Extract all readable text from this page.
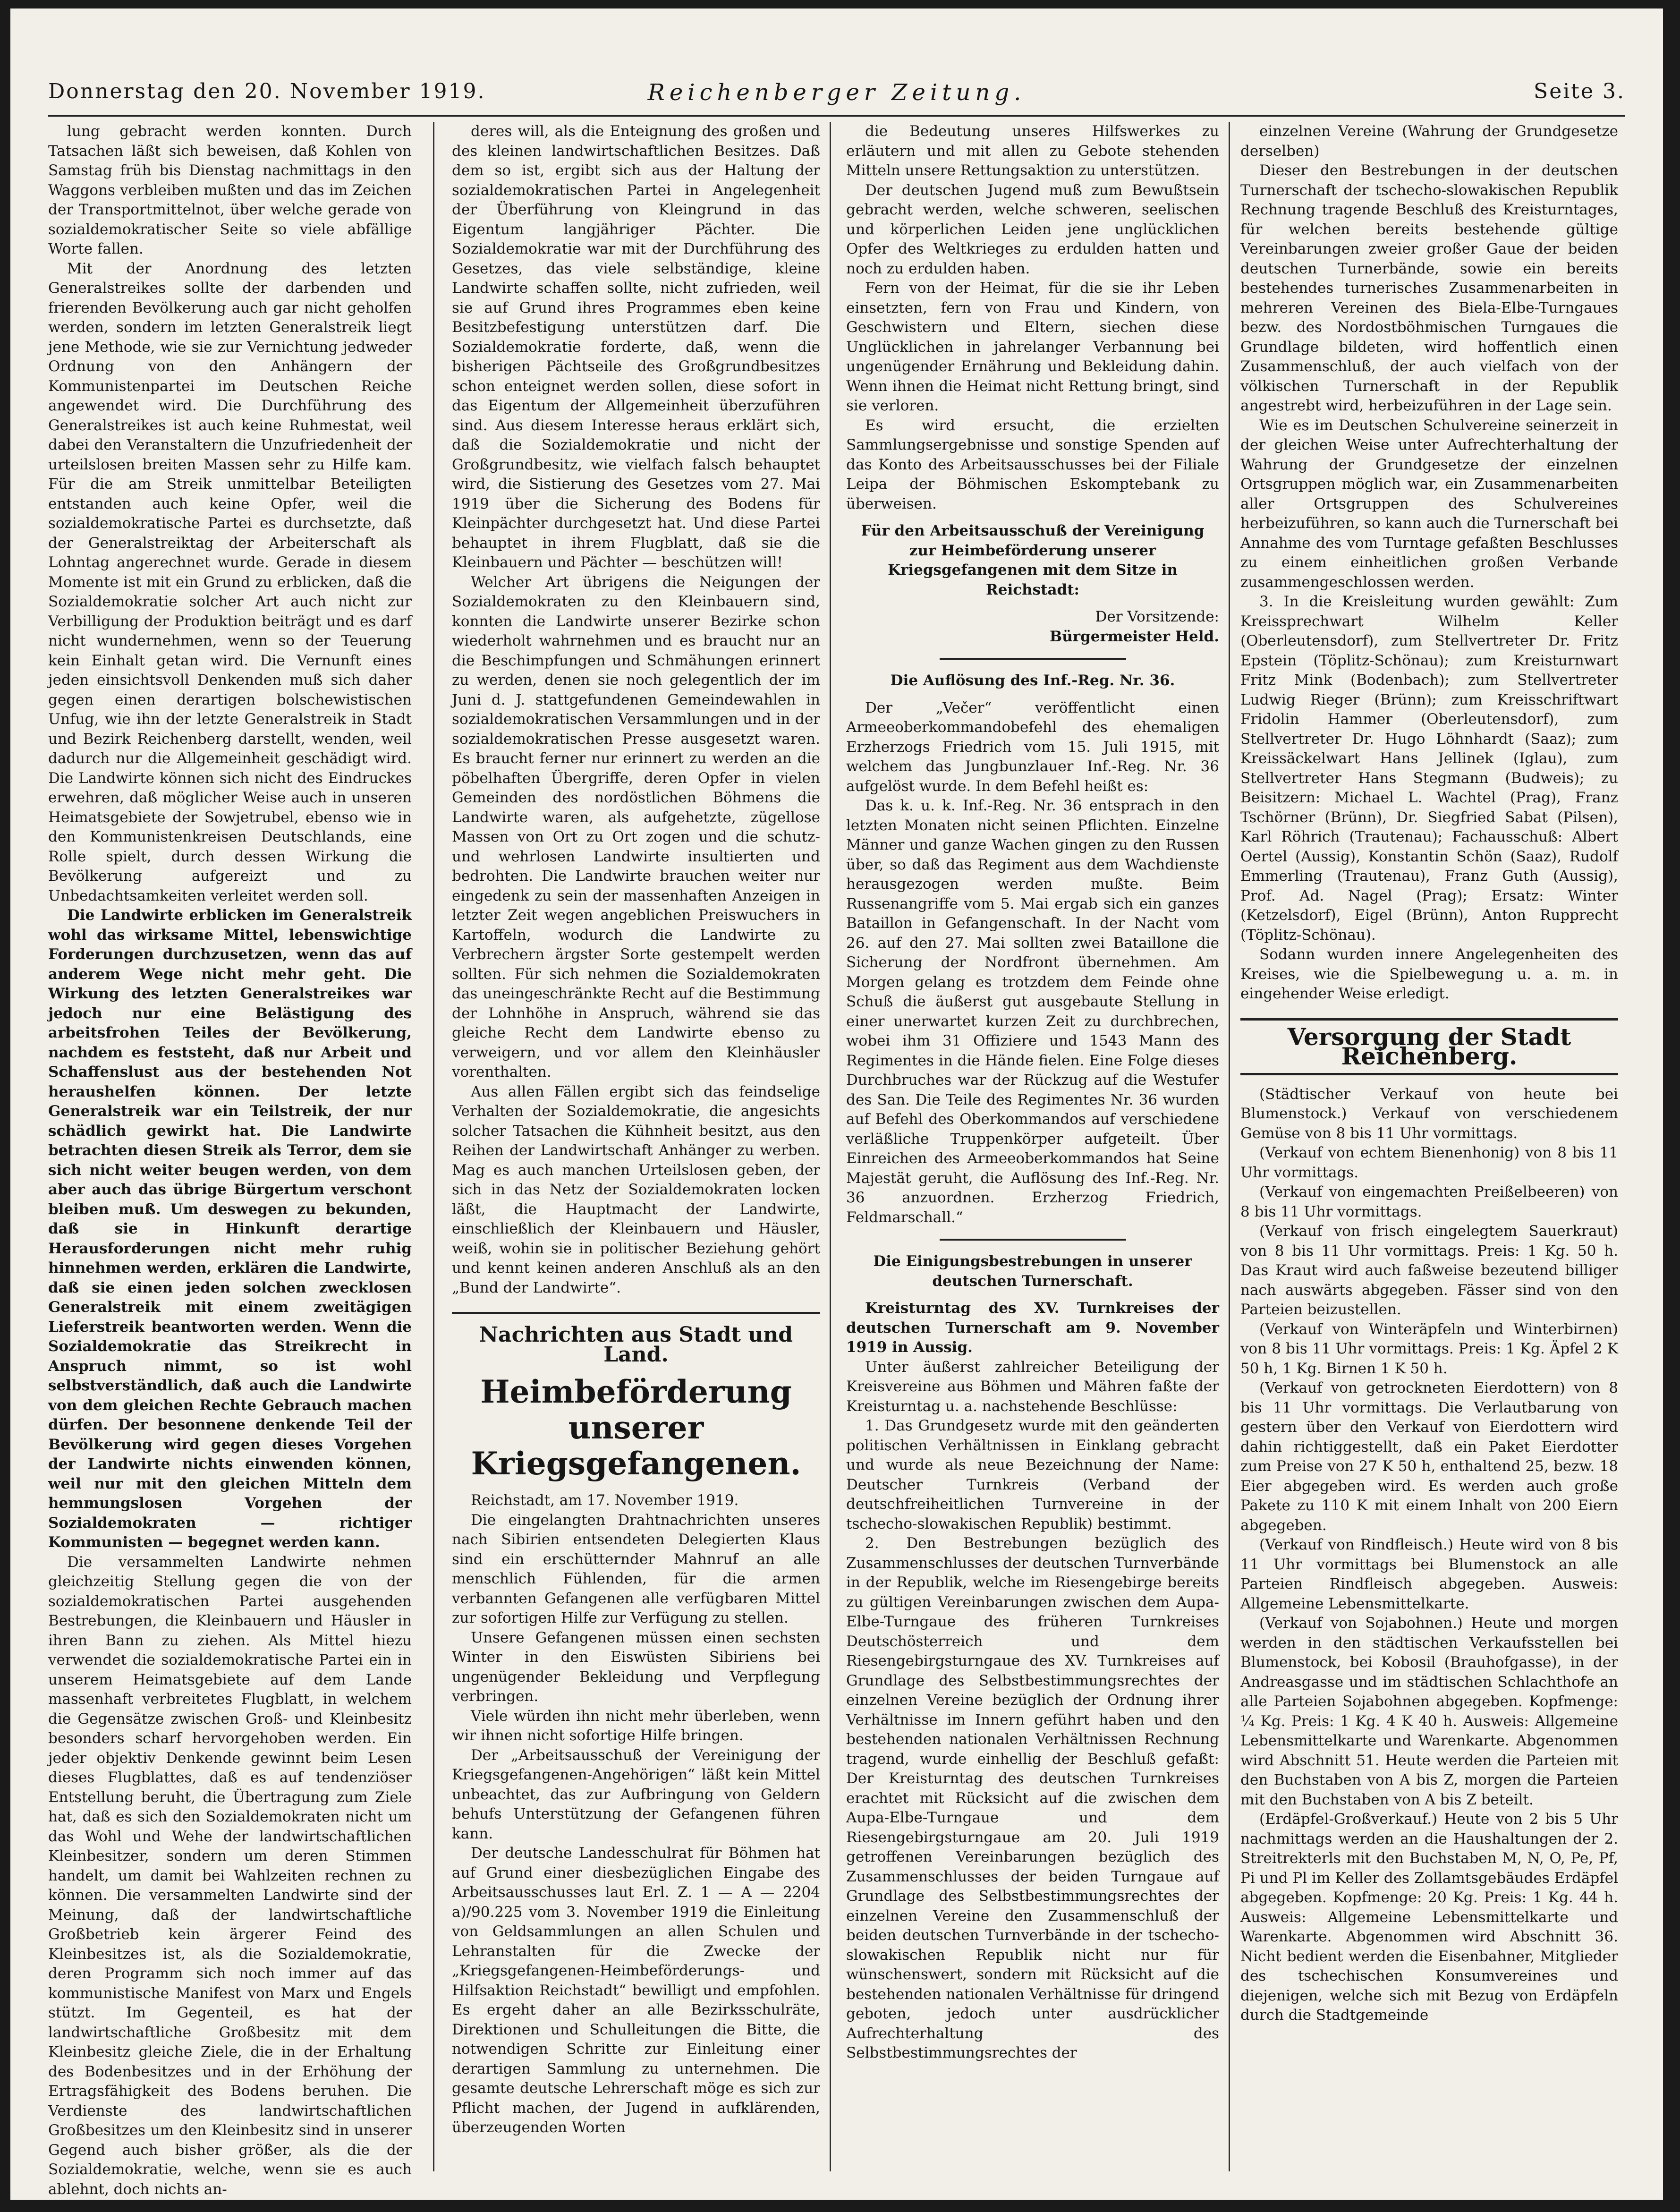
Donnerstag den 20. November 1919.	Reichenberger Zeitung.	Seite 3.

lung gebracht werden konnten. Durch Tatsachen läßt sich beweisen, daß Kohlen von Samstag früh bis Dienstag nachmittags in den Waggons verbleiben mußten und das im Zeichen der Transportmittelnot, über welche gerade von sozialdemokratischer Seite so viele abfällige Worte fallen.

Mit der Anordnung des letzten Generalstreikes sollte der darbenden und frierenden Bevölkerung auch gar nicht geholfen werden, sondern im letzten Generalstreik liegt jene Methode, wie sie zur Vernichtung jedweder Ordnung von den Anhängern der Kommunistenpartei im Deutschen Reiche angewendet wird. Die Durchführung des Generalstreikes ist auch keine Ruhmestat, weil dabei den Veranstaltern die Unzufriedenheit der urteilslosen breiten Massen sehr zu Hilfe kam. Für die am Streik unmittelbar Beteiligten entstanden auch keine Opfer, weil die sozialdemokratische Partei es durchsetzte, daß der Generalstreiktag der Arbeiterschaft als Lohntag angerechnet wurde. Gerade in diesem Momente ist mit ein Grund zu erblicken, daß die Sozialdemokratie solcher Art auch nicht zur Verbilligung der Produktion beiträgt und es darf nicht wundernehmen, wenn so der Teuerung kein Einhalt getan wird. Die Vernunft eines jeden einsichtsvoll Denkenden muß sich daher gegen einen derartigen bolschewistischen Unfug, wie ihn der letzte Generalstreik in Stadt und Bezirk Reichenberg darstellt, wenden, weil dadurch nur die Allgemeinheit geschädigt wird. Die Landwirte können sich nicht des Eindruckes erwehren, daß möglicher Weise auch in unseren Heimatsgebiete der Sowjetrubel, ebenso wie in den Kommunistenkreisen Deutschlands, eine Rolle spielt, durch dessen Wirkung die Bevölkerung aufgereizt und zu Unbedachtsamkeiten verleitet werden soll.

Die Landwirte erblicken im Generalstreik wohl das wirksame Mittel, lebenswichtige Forderungen durchzusetzen, wenn das auf anderem Wege nicht mehr geht. Die Wirkung des letzten Generalstreikes war jedoch nur eine Belästigung des arbeitsfrohen Teiles der Bevölkerung, nachdem es feststeht, daß nur Arbeit und Schaffenslust aus der bestehenden Not heraushelfen können. Der letzte Generalstreik war ein Teilstreik, der nur schädlich gewirkt hat. Die Landwirte betrachten diesen Streik als Terror, dem sie sich nicht weiter beugen werden, von dem aber auch das übrige Bürgertum verschont bleiben muß. Um deswegen zu bekunden, daß sie in Hinkunft derartige Herausforderungen nicht mehr ruhig hinnehmen werden, erklären die Landwirte, daß sie einen jeden solchen zwecklosen Generalstreik mit einem zweitägigen Lieferstreik beantworten werden. Wenn die Sozialdemokratie das Streikrecht in Anspruch nimmt, so ist wohl selbstverständlich, daß auch die Landwirte von dem gleichen Rechte Gebrauch machen dürfen. Der besonnene denkende Teil der Bevölkerung wird gegen dieses Vorgehen der Landwirte nichts einwenden können, weil nur mit den gleichen Mitteln dem hemmungslosen Vorgehen der Sozialdemokraten — richtiger Kommunisten — begegnet werden kann.

Die versammelten Landwirte nehmen gleichzeitig Stellung gegen die von der sozialdemokratischen Partei ausgehenden Bestrebungen, die Kleinbauern und Häusler in ihren Bann zu ziehen. Als Mittel hiezu verwendet die sozialdemokratische Partei ein in unserem Heimatsgebiete auf dem Lande massenhaft verbreitetes Flugblatt, in welchem die Gegensätze zwischen Groß- und Kleinbesitz besonders scharf hervorgehoben werden. Ein jeder objektiv Denkende gewinnt beim Lesen dieses Flugblattes, daß es auf tendenziöser Entstellung beruht, die Übertragung zum Ziele hat, daß es sich den Sozialdemokraten nicht um das Wohl und Wehe der landwirtschaftlichen Kleinbesitzer, sondern um deren Stimmen handelt, um damit bei Wahlzeiten rechnen zu können. Die versammelten Landwirte sind der Meinung, daß der landwirtschaftliche Großbetrieb kein ärgerer Feind des Kleinbesitzes ist, als die Sozialdemokratie, deren Programm sich noch immer auf das kommunistische Manifest von Marx und Engels stützt. Im Gegenteil, es hat der landwirtschaftliche Großbesitz mit dem Kleinbesitz gleiche Ziele, die in der Erhaltung des Bodenbesitzes und in der Erhöhung der Ertragsfähigkeit des Bodens beruhen. Die Verdienste des landwirtschaftlichen Großbesitzes um den Kleinbesitz sind in unserer Gegend auch bisher größer, als die der Sozialdemokratie, welche, wenn sie es auch ablehnt, doch nichts an-

deres will, als die Enteignung des großen und des kleinen landwirtschaftlichen Besitzes. Daß dem so ist, ergibt sich aus der Haltung der sozialdemokratischen Partei in Angelegenheit der Überführung von Kleingrund in das Eigentum langjähriger Pächter. Die Sozialdemokratie war mit der Durchführung des Gesetzes, das viele selbständige, kleine Landwirte schaffen sollte, nicht zufrieden, weil sie auf Grund ihres Programmes eben keine Besitzbefestigung unterstützen darf. Die Sozialdemokratie forderte, daß, wenn die bisherigen Pächtseile des Großgrundbesitzes schon enteignet werden sollen, diese sofort in das Eigentum der Allgemeinheit überzuführen sind. Aus diesem Interesse heraus erklärt sich, daß die Sozialdemokratie und nicht der Großgrundbesitz, wie vielfach falsch behauptet wird, die Sistierung des Gesetzes vom 27. Mai 1919 über die Sicherung des Bodens für Kleinpächter durchgesetzt hat. Und diese Partei behauptet in ihrem Flugblatt, daß sie die Kleinbauern und Pächter — beschützen will!

Welcher Art übrigens die Neigungen der Sozialdemokraten zu den Kleinbauern sind, konnten die Landwirte unserer Bezirke schon wiederholt wahrnehmen und es braucht nur an die Beschimpfungen und Schmähungen erinnert zu werden, denen sie noch gelegentlich der im Juni d. J. stattgefundenen Gemeindewahlen in sozialdemokratischen Versammlungen und in der sozialdemokratischen Presse ausgesetzt waren. Es braucht ferner nur erinnert zu werden an die pöbelhaften Übergriffe, deren Opfer in vielen Gemeinden des nordöstlichen Böhmens die Landwirte waren, als aufgehetzte, zügellose Massen von Ort zu Ort zogen und die schutz- und wehrlosen Landwirte insultierten und bedrohten. Die Landwirte brauchen weiter nur eingedenk zu sein der massenhaften Anzeigen in letzter Zeit wegen angeblichen Preiswuchers in Kartoffeln, wodurch die Landwirte zu Verbrechern ärgster Sorte gestempelt werden sollten. Für sich nehmen die Sozialdemokraten das uneingeschränkte Recht auf die Bestimmung der Lohnhöhe in Anspruch, während sie das gleiche Recht dem Landwirte ebenso zu verweigern, und vor allem den Kleinhäusler vorenthalten.

Aus allen Fällen ergibt sich das feindselige Verhalten der Sozialdemokratie, die angesichts solcher Tatsachen die Kühnheit besitzt, aus den Reihen der Landwirtschaft Anhänger zu werben. Mag es auch manchen Urteilslosen geben, der sich in das Netz der Sozialdemokraten locken läßt, die Hauptmacht der Landwirte, einschließlich der Kleinbauern und Häusler, weiß, wohin sie in politischer Beziehung gehört und kennt keinen anderen Anschluß als an den „Bund der Landwirte“.

Nachrichten aus Stadt und Land.
Heimbeförderung unserer Kriegsgefangenen.

Reichstadt, am 17. November 1919.

Die eingelangten Drahtnachrichten unseres nach Sibirien entsendeten Delegierten Klaus sind ein erschütternder Mahnruf an alle menschlich Fühlenden, für die armen verbannten Gefangenen alle verfügbaren Mittel zur sofortigen Hilfe zur Verfügung zu stellen.

Unsere Gefangenen müssen einen sechsten Winter in den Eiswüsten Sibiriens bei ungenügender Bekleidung und Verpflegung verbringen.

Viele würden ihn nicht mehr überleben, wenn wir ihnen nicht sofortige Hilfe bringen.

Der „Arbeitsausschuß der Vereinigung der Kriegsgefangenen-Angehörigen“ läßt kein Mittel unbeachtet, das zur Aufbringung von Geldern behufs Unterstützung der Gefangenen führen kann.

Der deutsche Landesschulrat für Böhmen hat auf Grund einer diesbezüglichen Eingabe des Arbeitsausschusses laut Erl. Z. 1 — A — 2204 a)/90.225 vom 3. November 1919 die Einleitung von Geldsammlungen an allen Schulen und Lehranstalten für die Zwecke der „Kriegsgefangenen-Heimbeförderungs- und Hilfsaktion Reichstadt“ bewilligt und empfohlen. Es ergeht daher an alle Bezirksschulräte, Direktionen und Schulleitungen die Bitte, die notwendigen Schritte zur Einleitung einer derartigen Sammlung zu unternehmen. Die gesamte deutsche Lehrerschaft möge es sich zur Pflicht machen, der Jugend in aufklärenden, überzeugenden Worten

die Bedeutung unseres Hilfswerkes zu erläutern und mit allen zu Gebote stehenden Mitteln unsere Rettungsaktion zu unterstützen.

Der deutschen Jugend muß zum Bewußtsein gebracht werden, welche schweren, seelischen und körperlichen Leiden jene unglücklichen Opfer des Weltkrieges zu erdulden hatten und noch zu erdulden haben.

Fern von der Heimat, für die sie ihr Leben einsetzten, fern von Frau und Kindern, von Geschwistern und Eltern, siechen diese Unglücklichen in jahrelanger Verbannung bei ungenügender Ernährung und Bekleidung dahin. Wenn ihnen die Heimat nicht Rettung bringt, sind sie verloren.

Es wird ersucht, die erzielten Sammlungsergebnisse und sonstige Spenden auf das Konto des Arbeitsausschusses bei der Filiale Leipa der Böhmischen Eskomptebank zu überweisen.

Für den Arbeitsausschuß der Vereinigung zur Heimbeförderung unserer Kriegsgefangenen mit dem Sitze in Reichstadt:

Der Vorsitzende:

Bürgermeister Held.

Die Auflösung des Inf.-Reg. Nr. 36.

Der „Večer“ veröffentlicht einen Armeeoberkommandobefehl des ehemaligen Erzherzogs Friedrich vom 15. Juli 1915, mit welchem das Jungbunzlauer Inf.-Reg. Nr. 36 aufgelöst wurde. In dem Befehl heißt es:

Das k. u. k. Inf.-Reg. Nr. 36 entsprach in den letzten Monaten nicht seinen Pflichten. Einzelne Männer und ganze Wachen gingen zu den Russen über, so daß das Regiment aus dem Wachdienste herausgezogen werden mußte. Beim Russenangriffe vom 5. Mai ergab sich ein ganzes Bataillon in Gefangenschaft. In der Nacht vom 26. auf den 27. Mai sollten zwei Bataillone die Sicherung der Nordfront übernehmen. Am Morgen gelang es trotzdem dem Feinde ohne Schuß die äußerst gut ausgebaute Stellung in einer unerwartet kurzen Zeit zu durchbrechen, wobei ihm 31 Offiziere und 1543 Mann des Regimentes in die Hände fielen. Eine Folge dieses Durchbruches war der Rückzug auf die Westufer des San. Die Teile des Regimentes Nr. 36 wurden auf Befehl des Oberkommandos auf verschiedene verläßliche Truppenkörper aufgeteilt. Über Einreichen des Armeeoberkommandos hat Seine Majestät geruht, die Auflösung des Inf.-Reg. Nr. 36 anzuordnen. Erzherzog Friedrich, Feldmarschall.“

Die Einigungsbestrebungen in unserer deutschen Turnerschaft.

Kreisturntag des XV. Turnkreises der deutschen Turnerschaft am 9. November 1919 in Aussig.

Unter äußerst zahlreicher Beteiligung der Kreisvereine aus Böhmen und Mähren faßte der Kreisturntag u. a. nachstehende Beschlüsse:

1. Das Grundgesetz wurde mit den geänderten politischen Verhältnissen in Einklang gebracht und wurde als neue Bezeichnung der Name: Deutscher Turnkreis (Verband der deutschfreiheitlichen Turnvereine in der tschecho-slowakischen Republik) bestimmt.

2. Den Bestrebungen bezüglich des Zusammenschlusses der deutschen Turnverbände in der Republik, welche im Riesengebirge bereits zu gültigen Vereinbarungen zwischen dem Aupa-Elbe-Turngaue des früheren Turnkreises Deutschösterreich und dem Riesengebirgsturngaue des XV. Turnkreises auf Grundlage des Selbstbestimmungsrechtes der einzelnen Vereine bezüglich der Ordnung ihrer Verhältnisse im Innern geführt haben und den bestehenden nationalen Verhältnissen Rechnung tragend, wurde einhellig der Beschluß gefaßt: Der Kreisturntag des deutschen Turnkreises erachtet mit Rücksicht auf die zwischen dem Aupa-Elbe-Turngaue und dem Riesengebirgsturngaue am 20. Juli 1919 getroffenen Vereinbarungen bezüglich des Zusammenschlusses der beiden Turngaue auf Grundlage des Selbstbestimmungsrechtes der einzelnen Vereine den Zusammenschluß der beiden deutschen Turnverbände in der tschecho-slowakischen Republik nicht nur für wünschenswert, sondern mit Rücksicht auf die bestehenden nationalen Verhältnisse für dringend geboten, jedoch unter ausdrücklicher Aufrechterhaltung des Selbstbestimmungsrechtes der

einzelnen Vereine (Wahrung der Grundgesetze derselben)

Dieser den Bestrebungen in der deutschen Turnerschaft der tschecho-slowakischen Republik Rechnung tragende Beschluß des Kreisturntages, für welchen bereits bestehende gültige Vereinbarungen zweier großer Gaue der beiden deutschen Turnerbände, sowie ein bereits bestehendes turnerisches Zusammenarbeiten in mehreren Vereinen des Biela-Elbe-Turngaues bezw. des Nordostböhmischen Turngaues die Grundlage bildeten, wird hoffentlich einen Zusammenschluß, der auch vielfach von der völkischen Turnerschaft in der Republik angestrebt wird, herbeizuführen in der Lage sein.

Wie es im Deutschen Schulvereine seinerzeit in der gleichen Weise unter Aufrechterhaltung der Wahrung der Grundgesetze der einzelnen Ortsgruppen möglich war, ein Zusammenarbeiten aller Ortsgruppen des Schulvereines herbeizuführen, so kann auch die Turnerschaft bei Annahme des vom Turntage gefaßten Beschlusses zu einem einheitlichen großen Verbande zusammengeschlossen werden.

3. In die Kreisleitung wurden gewählt: Zum Kreissprechwart Wilhelm Keller (Oberleutensdorf), zum Stellvertreter Dr. Fritz Epstein (Töplitz-Schönau); zum Kreisturnwart Fritz Mink (Bodenbach); zum Stellvertreter Ludwig Rieger (Brünn); zum Kreisschriftwart Fridolin Hammer (Oberleutensdorf), zum Stellvertreter Dr. Hugo Löhnhardt (Saaz); zum Kreissäckelwart Hans Jellinek (Iglau), zum Stellvertreter Hans Stegmann (Budweis); zu Beisitzern: Michael L. Wachtel (Prag), Franz Tschörner (Brünn), Dr. Siegfried Sabat (Pilsen), Karl Röhrich (Trautenau); Fachausschuß: Albert Oertel (Aussig), Konstantin Schön (Saaz), Rudolf Emmerling (Trautenau), Franz Guth (Aussig), Prof. Ad. Nagel (Prag); Ersatz: Winter (Ketzelsdorf), Eigel (Brünn), Anton Rupprecht (Töplitz-Schönau).

Sodann wurden innere Angelegenheiten des Kreises, wie die Spielbewegung u. a. m. in eingehender Weise erledigt.

Versorgung der Stadt Reichenberg.

(Städtischer Verkauf von heute bei Blumenstock.) Verkauf von verschiedenem Gemüse von 8 bis 11 Uhr vormittags.

(Verkauf von echtem Bienenhonig) von 8 bis 11 Uhr vormittags.

(Verkauf von eingemachten Preißelbeeren) von 8 bis 11 Uhr vormittags.

(Verkauf von frisch eingelegtem Sauerkraut) von 8 bis 11 Uhr vormittags. Preis: 1 Kg. 50 h. Das Kraut wird auch faßweise bezeutend billiger nach auswärts abgegeben. Fässer sind von den Parteien beizustellen.

(Verkauf von Winteräpfeln und Winterbirnen) von 8 bis 11 Uhr vormittags. Preis: 1 Kg. Äpfel 2 K 50 h, 1 Kg. Birnen 1 K 50 h.

(Verkauf von getrockneten Eierdottern) von 8 bis 11 Uhr vormittags. Die Verlautbarung von gestern über den Verkauf von Eierdottern wird dahin richtiggestellt, daß ein Paket Eierdotter zum Preise von 27 K 50 h, enthaltend 25, bezw. 18 Eier abgegeben wird. Es werden auch große Pakete zu 110 K mit einem Inhalt von 200 Eiern abgegeben.

(Verkauf von Rindfleisch.) Heute wird von 8 bis 11 Uhr vormittags bei Blumenstock an alle Parteien Rindfleisch abgegeben. Ausweis: Allgemeine Lebensmittelkarte.

(Verkauf von Sojabohnen.) Heute und morgen werden in den städtischen Verkaufsstellen bei Blumenstock, bei Kobosil (Brauhofgasse), in der Andreasgasse und im städtischen Schlachthofe an alle Parteien Sojabohnen abgegeben. Kopfmenge: ¼ Kg. Preis: 1 Kg. 4 K 40 h. Ausweis: Allgemeine Lebensmittelkarte und Warenkarte. Abgenommen wird Abschnitt 51. Heute werden die Parteien mit den Buchstaben von A bis Z, morgen die Parteien mit den Buchstaben von A bis Z beteilt.

(Erdäpfel-Großverkauf.) Heute von 2 bis 5 Uhr nachmittags werden an die Haushaltungen der 2. Streitrekterls mit den Buchstaben M, N, O, Pe, Pf, Pi und Pl im Keller des Zollamtsgebäudes Erdäpfel abgegeben. Kopfmenge: 20 Kg. Preis: 1 Kg. 44 h. Ausweis: Allgemeine Lebensmittelkarte und Warenkarte. Abgenommen wird Abschnitt 36. Nicht bedient werden die Eisenbahner, Mitglieder des tschechischen Konsumvereines und diejenigen, welche sich mit Bezug von Erdäpfeln durch die Stadtgemeinde
